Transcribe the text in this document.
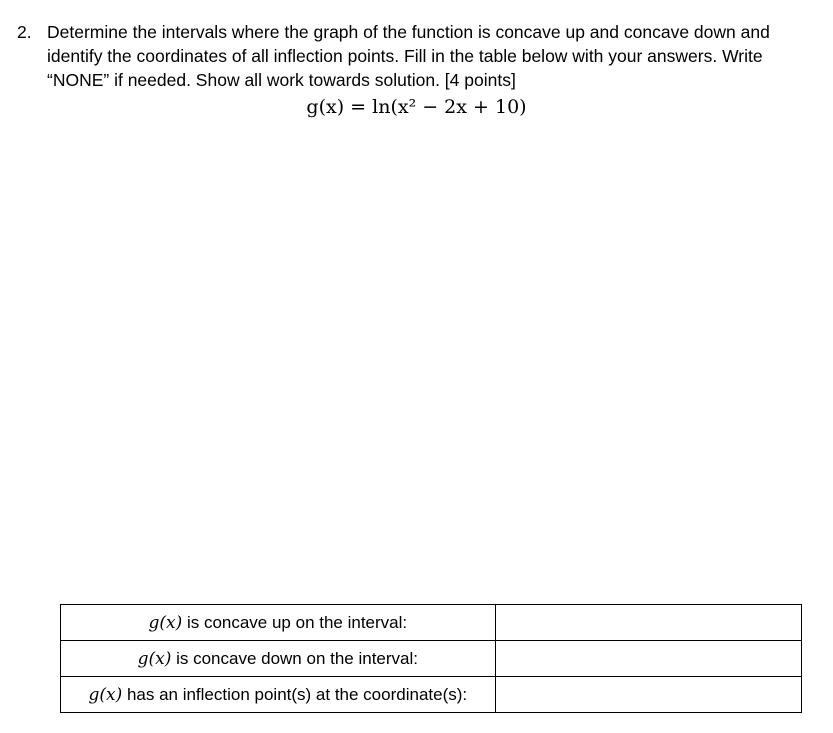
2. Determine the intervals where the graph of the function is concave up and concave down and identify the coordinates of all inflection points. Fill in the table below with your answers. Write “NONE” if needed. Show all work towards solution. [4 points]
g(x) = ln(x² − 2x + 10)
g(x) is concave up on the interval:	
g(x) is concave down on the interval:	
g(x) has an inflection point(s) at the coordinate(s):	
